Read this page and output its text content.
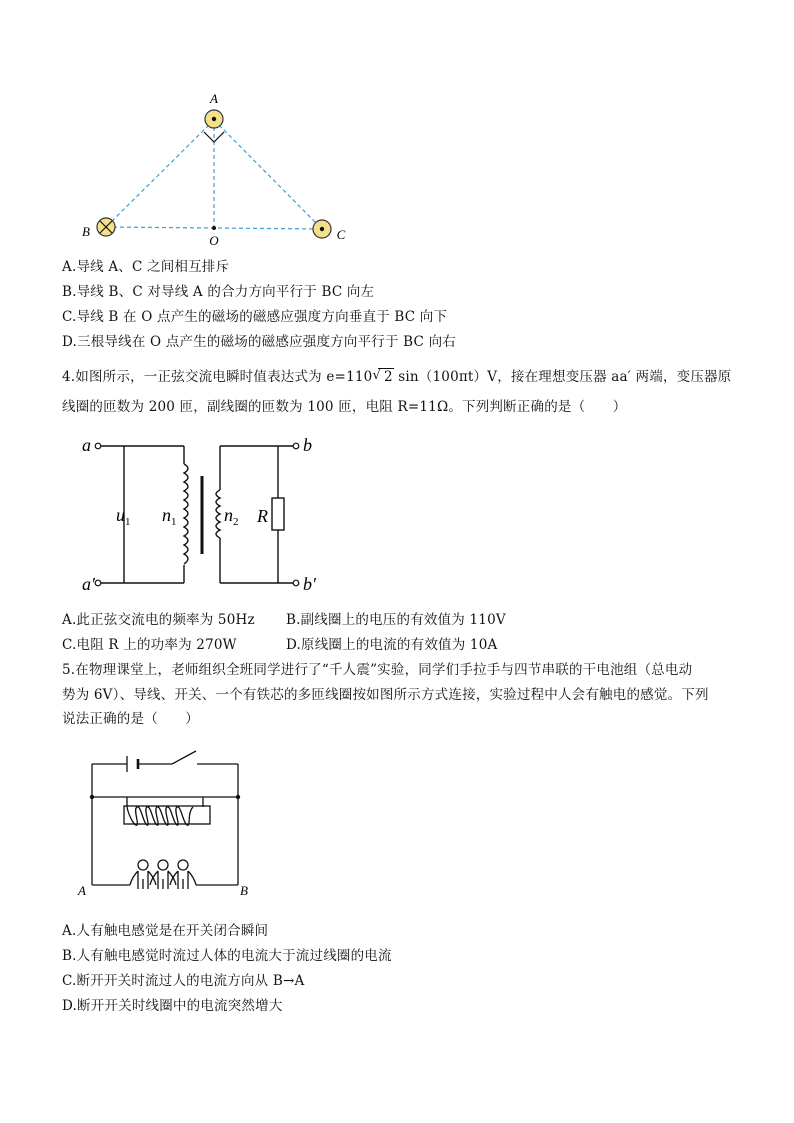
A
B	C
O
A.导线 A、C 之间相互排斥
B.导线 B、C 对导线 A 的合力方向平行于 BC 向左
C.导线 B 在 O 点产生的磁场的磁感应强度方向垂直于 BC 向下
D.三根导线在 O 点产生的磁场的磁感应强度方向平行于 BC 向右
4.如图所示，一正弦交流电瞬时值表达式为 e=110 √ 2 sin（100πt）V，接在理想变压器 aa′ 两端，变压器原
线圈的匝数为 200 匝，副线圈的匝数为 100 匝，电阻 R=11Ω。下列判断正确的是（　　）
a
a′
b
b′
$u_1$ $n_1$	$n_2$ R
A.此正弦交流电的频率为 50Hz B.副线圈上的电压的有效值为 110V
C.电阻 R 上的功率为 270W	D.原线圈上的电流的有效值为 10A
5.在物理课堂上，老师组织全班同学进行了“千人震”实验，同学们手拉手与四节串联的干电池组（总电动
势为 6V）、导线、开关、一个有铁芯的多匝线圈按如图所示方式连接，实验过程中人会有触电的感觉。下列
说法正确的是（　　）
A	B
A.人有触电感觉是在开关闭合瞬间
B.人有触电感觉时流过人体的电流大于流过线圈的电流
C.断开开关时流过人的电流方向从 B→A
D.断开开关时线圈中的电流突然增大
